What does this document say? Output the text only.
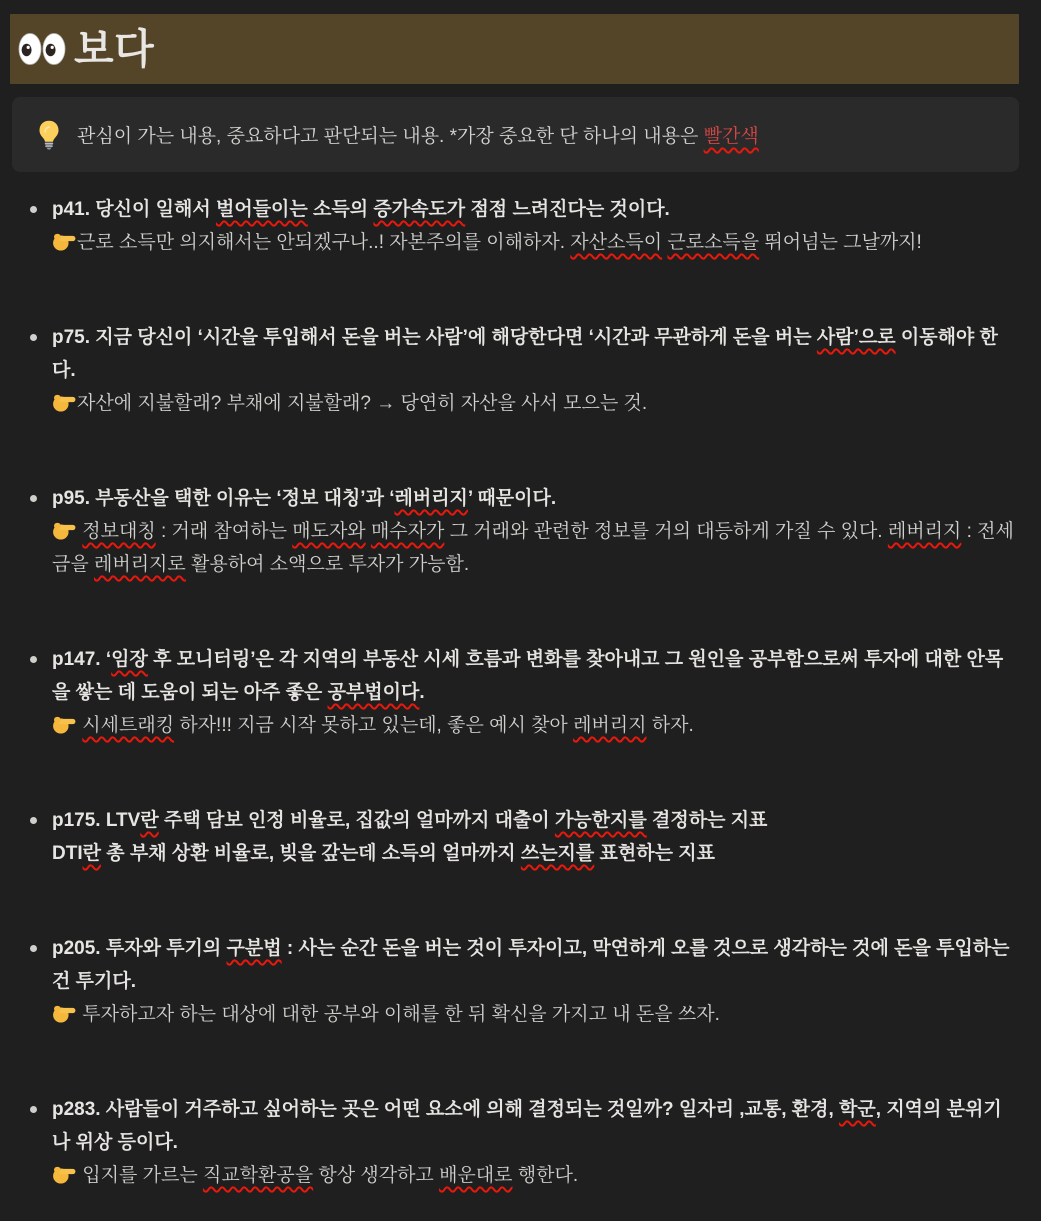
보다
관심이 가는 내용, 중요하다고 판단되는 내용. *가장 중요한 단 하나의 내용은 빨간색
p41. 당신이 일해서 벌어들이는 소득의 증가속도가 점점 느려진다는 것이다.
근로 소득만 의지해서는 안되겠구나..! 자본주의를 이해하자. 자산소득이 근로소득을 뛰어넘는 그날까지!
p75. 지금 당신이 ‘시간을 투입해서 돈을 버는 사람’에 해당한다면 ‘시간과 무관하게 돈을 버는 사람’으로 이동해야 한다.
자산에 지불할래? 부채에 지불할래? → 당연히 자산을 사서 모으는 것.
p95. 부동산을 택한 이유는 ‘정보 대칭’과 ‘레버리지’ 때문이다.
정보대칭 : 거래 참여하는 매도자와 매수자가 그 거래와 관련한 정보를 거의 대등하게 가질 수 있다. 레버리지 : 전세금을 레버리지로 활용하여 소액으로 투자가 가능함.
p147. ‘임장 후 모니터링’은 각 지역의 부동산 시세 흐름과 변화를 찾아내고 그 원인을 공부함으로써 투자에 대한 안목을 쌓는 데 도움이 되는 아주 좋은 공부법이다.
시세트래킹 하자!!! 지금 시작 못하고 있는데, 좋은 예시 찾아 레버리지 하자.
p175. LTV란 주택 담보 인정 비율로, 집값의 얼마까지 대출이 가능한지를 결정하는 지표
DTI란 총 부채 상환 비율로, 빚을 갚는데 소득의 얼마까지 쓰는지를 표현하는 지표
p205. 투자와 투기의 구분법 : 사는 순간 돈을 버는 것이 투자이고, 막연하게 오를 것으로 생각하는 것에 돈을 투입하는 건 투기다.
투자하고자 하는 대상에 대한 공부와 이해를 한 뒤 확신을 가지고 내 돈을 쓰자.
p283. 사람들이 거주하고 싶어하는 곳은 어떤 요소에 의해 결정되는 것일까? 일자리 ,교통, 환경, 학군, 지역의 분위기나 위상 등이다.
입지를 가르는 직교학환공을 항상 생각하고 배운대로 행한다.
